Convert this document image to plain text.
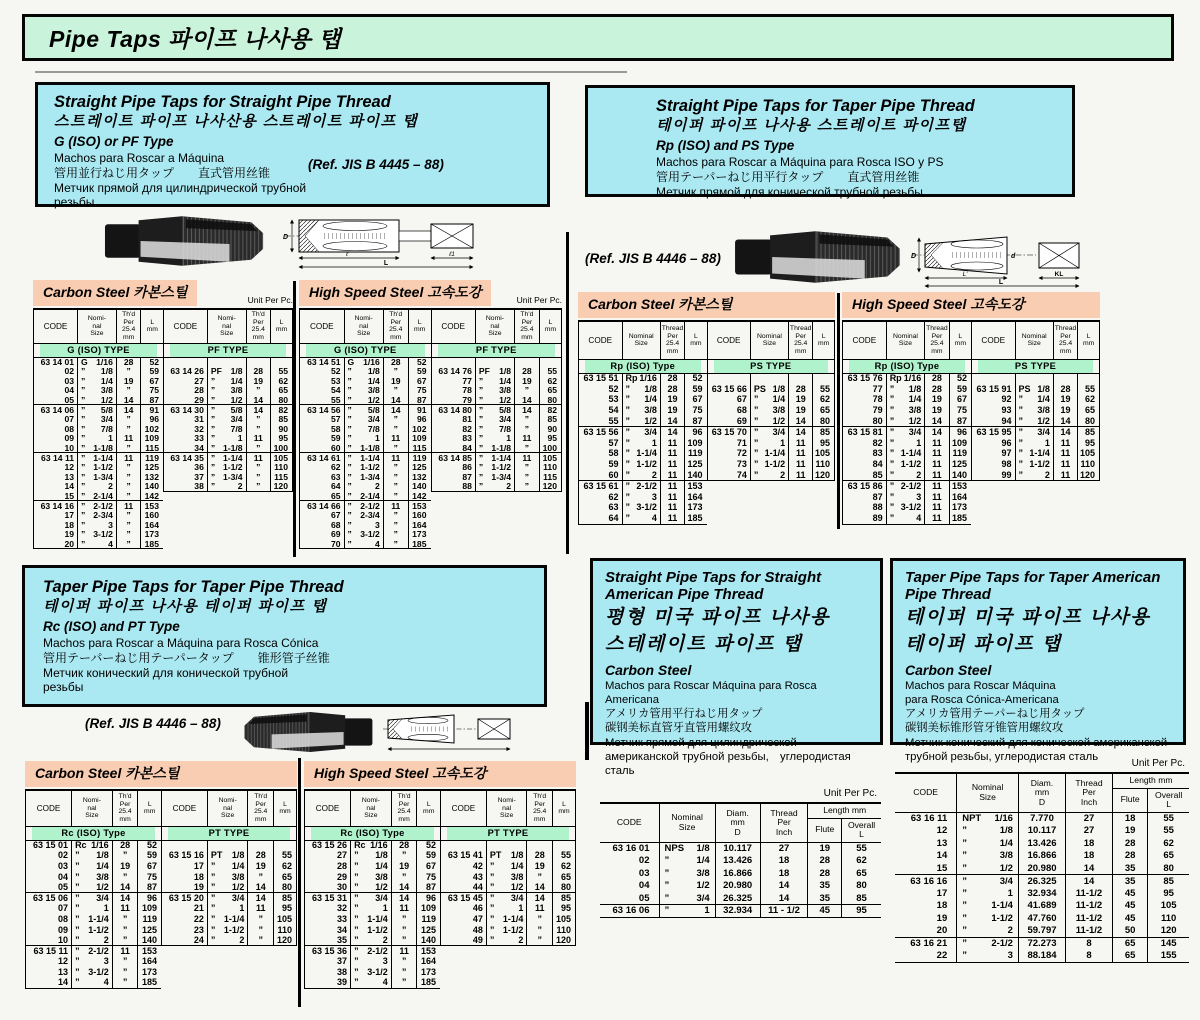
Pipe Taps 파이프 나사용 탭
Straight Pipe Taps for Straight Pipe Thread
스트레이트 파이프 나사산용 스트레이트 파이프 탭
G (ISO) or PF Type
Machos para Roscar a Máquina
管用並行ねじ用タップ　　直式管用丝锥
Метчик прямой для цилиндрической трубной
резьбы
(Ref. JIS B 4445 – 88)
Straight Pipe Taps for Taper Pipe Thread
테이퍼 파이프 나사용 스트레이트 파이프탭
Rp (ISO) and PS Type
Machos para Roscar a Máquina para Rosca ISO y PS
管用テーパーねじ用平行タップ　　直式管用丝锥
Метчик прямой для конической трубной резьбы
D
ℓ	ℓ1
L	(Ref. JIS B 4446 – 88)	D	d
L'	KL
L
Carbon Steel 카본스틸	Unit Per Pc.
CODE

Nomi-
nal
Size

Th'd
Per
25.4
mm

L
mm

G (ISO) TYPE			

63 14 01	G 1/16	28	52
02	” 1/8	”	59
03	” 1/4	19	67
04	” 3/8	”	75
05	” 1/2	14	87
63 14 06	” 5/8	14	91
07	” 3/4	”	96
08	” 7/8	”	102
09	” 1	11	109
10	” 1-1/8	”	115
63 14 11	” 1-1/4	11	119
12	” 1-1/2	”	125
13	” 1-3/4	”	132
14	” 2	”	140
15	” 2-1/4	”	142
63 14 16	” 2-1/2	11	153
17	” 2-3/4	”	160
18	” 3	”	164
19	” 3-1/2	”	173
20	” 4	”	185
CODE

Nomi-
nal
Size

Th'd
Per
25.4
mm

L
mm

PF TYPE			

63 14 26	PF 1/8	28	55
27	” 1/4	19	62
28	” 3/8	”	65
29	” 1/2	14	80
63 14 30	” 5/8	14	82
31	” 3/4	”	85
32	” 7/8	”	90
33	” 1	11	95
34	” 1-1/8	”	100
63 14 35	” 1-1/4	11	105
36	” 1-1/2	”	110
37	” 1-3/4	”	115
38	” 2	”	120
High Speed Steel 고속도강	Unit Per Pc.
CODE

Nomi-
nal
Size

Th'd
Per
25.4
mm

L
mm

G (ISO) TYPE			

63 14 51	G 1/16	28	52
52	” 1/8	”	59
53	” 1/4	19	67
54	” 3/8	”	75
55	” 1/2	14	87
63 14 56	” 5/8	14	91
57	” 3/4	”	96
58	” 7/8	”	102
59	” 1	11	109
60	” 1-1/8	”	115
63 14 61	” 1-1/4	11	119
62	” 1-1/2	”	125
63	” 1-3/4	”	132
64	” 2	”	140
65	” 2-1/4	”	142
63 14 66	” 2-1/2	11	153
67	” 2-3/4	”	160
68	” 3	”	164
69	” 3-1/2	”	173
70	” 4	”	185
CODE

Nomi-
nal
Size

Th'd
Per
25.4
mm

L
mm

PF TYPE			

63 14 76	PF 1/8	28	55
77	” 1/4	19	62
78	” 3/8	”	65
79	” 1/2	14	80
63 14 80	” 5/8	14	82
81	” 3/4	”	85
82	” 7/8	”	90
83	” 1	11	95
84	” 1-1/8	”	100
63 14 85	” 1-1/4	11	105
86	” 1-1/2	”	110
87	” 1-3/4	”	115
88	” 2	”	120
Carbon Steel 카본스틸
CODE	Nominal
Size

Thread
Per
25.4
mm

L
mm

Rp (ISO) Type			

63 15 51	Rp 1/16	28	52
52	” 1/8	28	59
53	” 1/4	19	67
54	” 3/8	19	75
55	” 1/2	14	87
63 15 56	” 3/4	14	96
57	” 1	11	109
58	” 1-1/4	11	119
59	” 1-1/2	11	125
60	” 2	11	140
63 15 61	” 2-1/2	11	153
62	” 3	11	164
63	” 3-1/2	11	173
64	” 4	11	185
CODE	Nominal
Size

Thread
Per
25.4
mm

L
mm

PS TYPE			

63 15 66	PS 1/8	28	55
67	” 1/4	19	62
68	” 3/8	19	65
69	” 1/2	14	80
63 15 70	” 3/4	14	85
71	” 1	11	95
72	” 1-1/4	11	105
73	” 1-1/2	11	110
74	” 2	11	120
High Speed Steel 고속도강
CODE	Nominal
Size

Thread
Per
25.4
mm

L
mm

Rp (ISO) Type			

63 15 76	Rp 1/16	28	52
77	” 1/8	28	59
78	” 1/4	19	67
79	” 3/8	19	75
80	” 1/2	14	87
63 15 81	” 3/4	14	96
82	” 1	11	109
83	” 1-1/4	11	119
84	” 1-1/2	11	125
85	” 2	11	140
63 15 86	” 2-1/2	11	153
87	” 3	11	164
88	” 3-1/2	11	173
89	” 4	11	185
CODE	Nominal
Size

Thread
Per
25.4
mm

L
mm

PS TYPE			

63 15 91	PS 1/8	28	55
92	” 1/4	19	62
93	” 3/8	19	65
94	” 1/2	14	80
63 15 95	” 3/4	14	85
96	” 1	11	95
97	” 1-1/4	11	105
98	” 1-1/2	11	110
99	” 2	11	120
Taper Pipe Taps for Taper Pipe Thread
테이퍼 파이프 나사용 테이퍼 파이프 탭
Rc (ISO) and PT Type
Machos para Roscar a Máquina para Rosca Cónica
管用テーパーねじ用テーパータップ　　锥形管子丝锥
Метчик конический для конической трубной
резьбы
(Ref. JIS B 4446 – 88)
Straight Pipe Taps for Straight
American Pipe Thread
평형 미국 파이프 나사용
스테레이트 파이프 탭
Carbon Steel
Machos para Roscar Máquina para Rosca Americana
アメリカ管用平行ねじ用タップ
碳钢美标直管牙直管用螺纹攻
Метчик прямой для цилиндрической
американской трубной резьбы,　углеродистая сталь
Taper Pipe Taps for Taper American
Pipe Thread
테이퍼 미국 파이프 나사용
테이퍼 파이프 탭
Carbon Steel
Machos para Roscar Máquina
para Rosca Cónica-Americana
アメリカ管用テーパーねじ用タップ
碳钢美标锥形管牙锥管用螺纹攻
Метчик конический для конической американской
трубной резьбы, углеродистая сталь
Carbon Steel 카본스틸
CODE

Nomi-
nal
Size

Th'd
Per
25.4
mm

L
mm

Rc (ISO) Type			

63 15 01	Rc 1/16	28	52
02	” 1/8	”	59
03	” 1/4	19	67
04	” 3/8	”	75
05	” 1/2	14	87
63 15 06	” 3/4	14	96
07	” 1	11	109
08	” 1-1/4	”	119
09	” 1-1/2	”	125
10	” 2	”	140
63 15 11	” 2-1/2	11	153
12	” 3	”	164
13	” 3-1/2	”	173
14	” 4	”	185
CODE

Nomi-
nal
Size

Th'd
Per
25.4
mm

L
mm

PT TYPE			

63 15 16	PT 1/8	28	55
17	” 1/4	19	62
18	” 3/8	”	65
19	” 1/2	14	80
63 15 20	” 3/4	14	85
21	” 1	11	95
22	” 1-1/4	”	105
23	” 1-1/2	”	110
24	” 2	”	120
High Speed Steel 고속도강
CODE

Nomi-
nal
Size

Th'd
Per
25.4
mm

L
mm

Rc (ISO) Type			

63 15 26	Rc 1/16	28	52
27	” 1/8	”	59
28	” 1/4	19	67
29	” 3/8	”	75
30	” 1/2	14	87
63 15 31	” 3/4	14	96
32	” 1	11	109
33	” 1-1/4	”	119
34	” 1-1/2	”	125
35	” 2	”	140
63 15 36	” 2-1/2	11	153
37	” 3	”	164
38	” 3-1/2	”	173
39	” 4	”	185
CODE

Nomi-
nal
Size

Th'd
Per
25.4
mm

L
mm

PT TYPE			

63 15 41	PT 1/8	28	55
42	” 1/4	19	62
43	” 3/8	”	65
44	” 1/2	14	80
63 15 45	” 3/4	14	85
46	” 1	11	95
47	” 1-1/4	”	105
48	” 1-1/2	”	110
49	” 2	”	120
Unit Per Pc.
CODE	Nominal
Size

Diam.
mm
D

Thread
Per
Inch
	Length mm

				Flute	Overall
L

63 16 01	NPS 1/8	10.117	27	19	55
02	” 1/4	13.426	18	28	62
03	” 3/8	16.866	18	28	65
04	” 1/2	20.980	14	35	80
05	” 3/4	26.325	14	35	85
63 16 06	” 1	32.934	11 - 1/2	45	95
Unit Per Pc.
CODE	Nominal
Size

Diam.
mm
D

Thread
Per
Inch
	Length mm

				Flute	Overall
L

63 16 11	NPT 1/16	7.770	27	18	55
12	” 1/8	10.117	27	19	55
13	” 1/4	13.426	18	28	62
14	” 3/8	16.866	18	28	65
15	” 1/2	20.980	14	35	80
63 16 16	” 3/4	26.325	14	35	85
17	” 1	32.934	11-1/2	45	95
18	” 1-1/4	41.689	11-1/2	45	105
19	” 1-1/2	47.760	11-1/2	45	110
20	” 2	59.797	11-1/2	50	120
63 16 21	” 2-1/2	72.273	8	65	145
22	” 3	88.184	8	65	155
